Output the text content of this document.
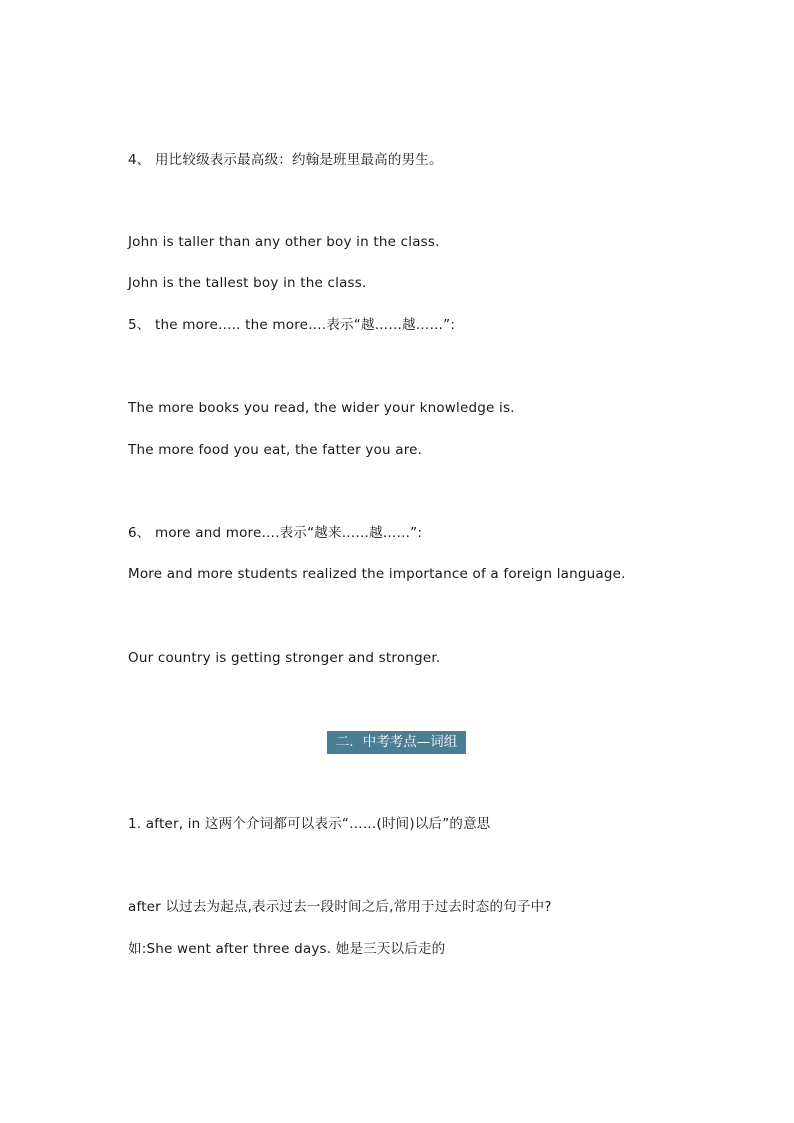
4、 用比较级表示最高级：约翰是班里最高的男生。
John is taller than any other boy in the class.
John is the tallest boy in the class.
5、 the more….. the more….表示“越……越……”:
The more books you read, the wider your knowledge is.
The more food you eat, the fatter you are.
6、 more and more….表示“越来……越……”:
More and more students realized the importance of a foreign language.
Our country is getting stronger and stronger.
二．中考考点—词组
1. after, in 这两个介词都可以表示“……(时间)以后”的意思
after 以过去为起点,表示过去一段时间之后,常用于过去时态的句子中?
如:She went after three days. 她是三天以后走的
